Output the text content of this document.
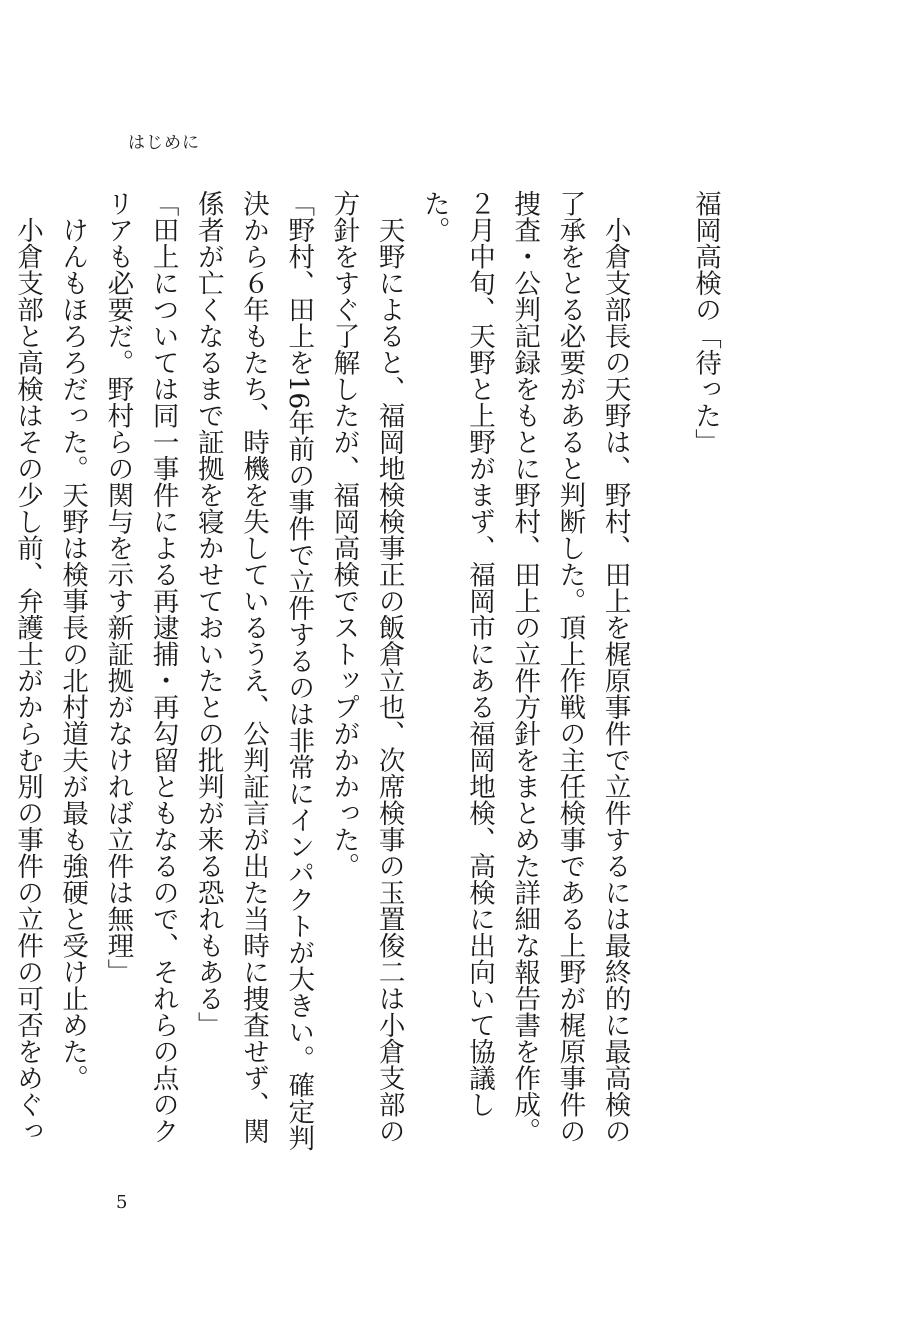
はじめに
福岡高検の「待った」
　小倉支部長の天野は、野村、田上を梶原事件で立件するには最終的に最高検の了承をとる必要があると判断した。頂上作戦の主任検事である上野が梶原事件の捜査・公判記録をもとに野村、田上の立件方針をまとめた詳細な報告書を作成。２月中旬、天野と上野がまず、福岡市にある福岡地検、高検に出向いて協議した。
　天野によると、福岡地検検事正の飯倉立也、次席検事の玉置俊二は小倉支部の方針をすぐ了解したが、福岡高検でストップがかかった。
「野村、田上を16年前の事件で立件するのは非常にインパクトが大きい。確定判決から６年もたち、時機を失しているうえ、公判証言が出た当時に捜査せず、関係者が亡くなるまで証拠を寝かせておいたとの批判が来る恐れもある」
「田上については同一事件による再逮捕・再勾留ともなるので、それらの点のクリアも必要だ。野村らの関与を示す新証拠がなければ立件は無理」
　けんもほろろだった。天野は検事長の北村道夫が最も強硬と受け止めた。
　小倉支部と高検はその少し前、弁護士がからむ別の事件の立件の可否をめぐっ
5
